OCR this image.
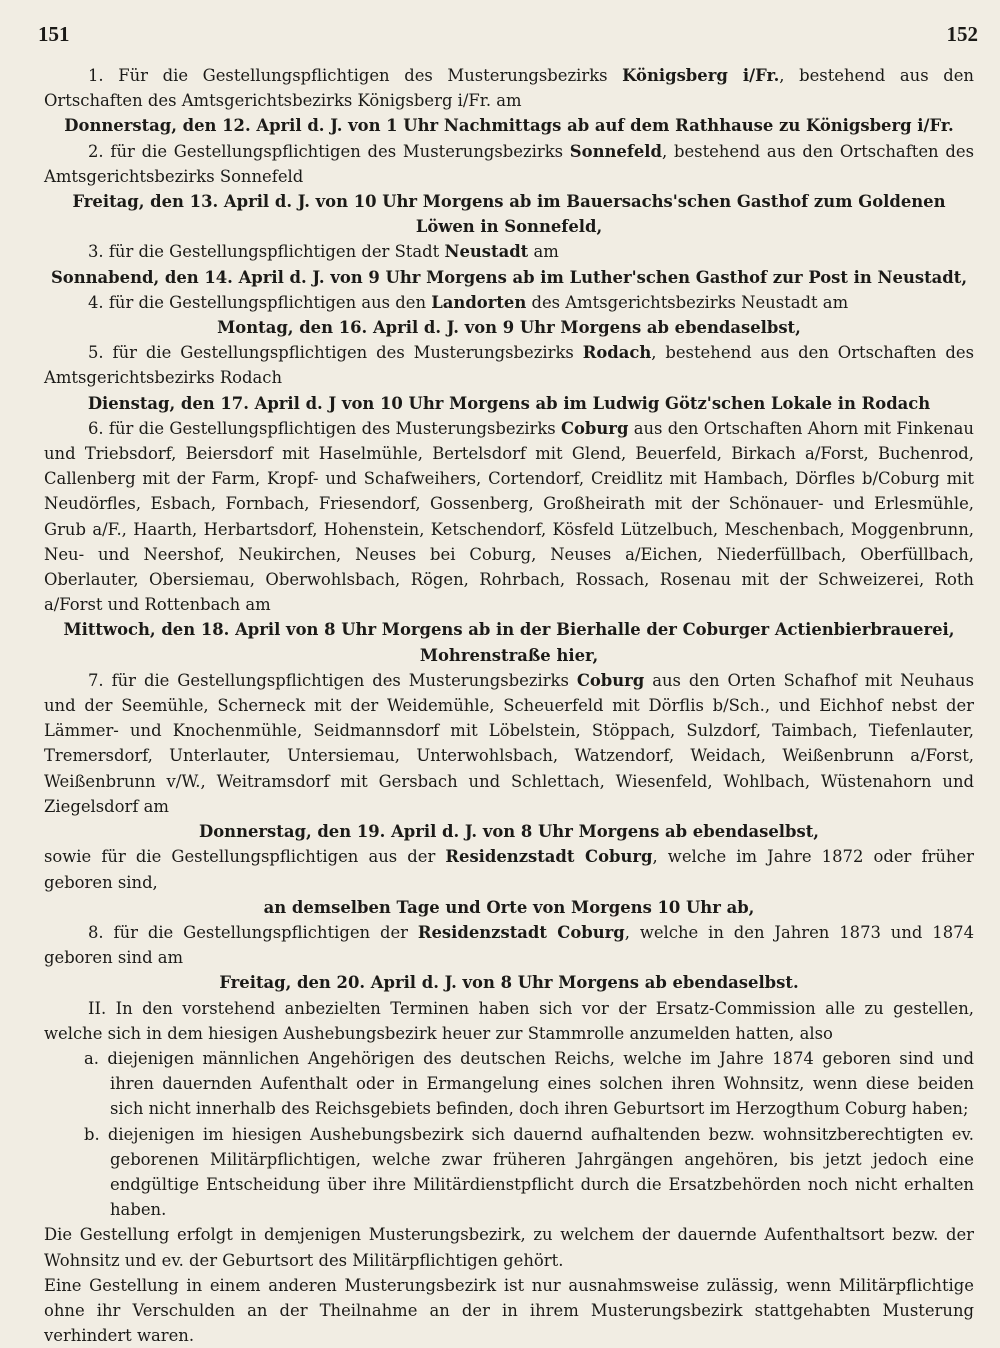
151	152

1. Für die Gestellungspflichtigen des Musterungsbezirks Königsberg i/Fr., bestehend aus den Ortschaften des Amtsgerichtsbezirks Königsberg i/Fr. am

Donnerstag, den 12. April d. J. von 1 Uhr Nachmittags ab auf dem Rathhause zu Königsberg i/Fr.

2. für die Gestellungspflichtigen des Musterungsbezirks Sonnefeld, bestehend aus den Ortschaften des Amtsgerichtsbezirks Sonnefeld

Freitag, den 13. April d. J. von 10 Uhr Morgens ab im Bauersachs'schen Gasthof zum Goldenen Löwen in Sonnefeld,

3. für die Gestellungspflichtigen der Stadt Neustadt am

Sonnabend, den 14. April d. J. von 9 Uhr Morgens ab im Luther'schen Gasthof zur Post in Neustadt,

4. für die Gestellungspflichtigen aus den Landorten des Amtsgerichtsbezirks Neustadt am

Montag, den 16. April d. J. von 9 Uhr Morgens ab ebendaselbst,

5. für die Gestellungspflichtigen des Musterungsbezirks Rodach, bestehend aus den Ortschaften des Amtsgerichtsbezirks Rodach

Dienstag, den 17. April d. J von 10 Uhr Morgens ab im Ludwig Götz'schen Lokale in Rodach

6. für die Gestellungspflichtigen des Musterungsbezirks Coburg aus den Ortschaften Ahorn mit Finkenau und Triebsdorf, Beiersdorf mit Haselmühle, Bertelsdorf mit Glend, Beuerfeld, Birkach a/Forst, Buchenrod, Callenberg mit der Farm, Kropf- und Schafweihers, Cortendorf, Creidlitz mit Hambach, Dörfles b/Coburg mit Neudörfles, Esbach, Fornbach, Friesendorf, Gossenberg, Großheirath mit der Schönauer- und Erlesmühle, Grub a/F., Haarth, Herbartsdorf, Hohenstein, Ketschendorf, Kösfeld Lützelbuch, Meschenbach, Moggenbrunn, Neu- und Neershof, Neukirchen, Neuses bei Coburg, Neuses a/Eichen, Niederfüllbach, Oberfüllbach, Oberlauter, Obersiemau, Oberwohlsbach, Rögen, Rohrbach, Rossach, Rosenau mit der Schweizerei, Roth a/Forst und Rottenbach am

Mittwoch, den 18. April von 8 Uhr Morgens ab in der Bierhalle der Coburger Actienbierbrauerei, Mohrenstraße hier,

7. für die Gestellungspflichtigen des Musterungsbezirks Coburg aus den Orten Schafhof mit Neuhaus und der Seemühle, Scherneck mit der Weidemühle, Scheuerfeld mit Dörflis b/Sch., und Eichhof nebst der Lämmer- und Knochenmühle, Seidmannsdorf mit Löbelstein, Stöppach, Sulzdorf, Taimbach, Tiefenlauter, Tremersdorf, Unterlauter, Untersiemau, Unterwohlsbach, Watzendorf, Weidach, Weißenbrunn a/Forst, Weißenbrunn v/W., Weitramsdorf mit Gersbach und Schlettach, Wiesenfeld, Wohlbach, Wüstenahorn und Ziegelsdorf am

Donnerstag, den 19. April d. J. von 8 Uhr Morgens ab ebendaselbst,

sowie für die Gestellungspflichtigen aus der Residenzstadt Coburg, welche im Jahre 1872 oder früher geboren sind,

an demselben Tage und Orte von Morgens 10 Uhr ab,

8. für die Gestellungspflichtigen der Residenzstadt Coburg, welche in den Jahren 1873 und 1874 geboren sind am

Freitag, den 20. April d. J. von 8 Uhr Morgens ab ebendaselbst.

II. In den vorstehend anbezielten Terminen haben sich vor der Ersatz-Commission alle zu gestellen, welche sich in dem hiesigen Aushebungsbezirk heuer zur Stammrolle anzumelden hatten, also

a. diejenigen männlichen Angehörigen des deutschen Reichs, welche im Jahre 1874 geboren sind und ihren dauernden Aufenthalt oder in Ermangelung eines solchen ihren Wohnsitz, wenn diese beiden sich nicht innerhalb des Reichsgebiets befinden, doch ihren Geburtsort im Herzogthum Coburg haben;

b. diejenigen im hiesigen Aushebungsbezirk sich dauernd aufhaltenden bezw. wohnsitzberechtigten ev. geborenen Militärpflichtigen, welche zwar früheren Jahrgängen angehören, bis jetzt jedoch eine endgültige Entscheidung über ihre Militärdienstpflicht durch die Ersatzbehörden noch nicht erhalten haben.

Die Gestellung erfolgt in demjenigen Musterungsbezirk, zu welchem der dauernde Aufenthaltsort bezw. der Wohnsitz und ev. der Geburtsort des Militärpflichtigen gehört.

Eine Gestellung in einem anderen Musterungsbezirk ist nur ausnahmsweise zulässig, wenn Militärpflichtige ohne ihr Verschulden an der Theilnahme an der in ihrem Musterungsbezirk stattgehabten Musterung verhindert waren.
